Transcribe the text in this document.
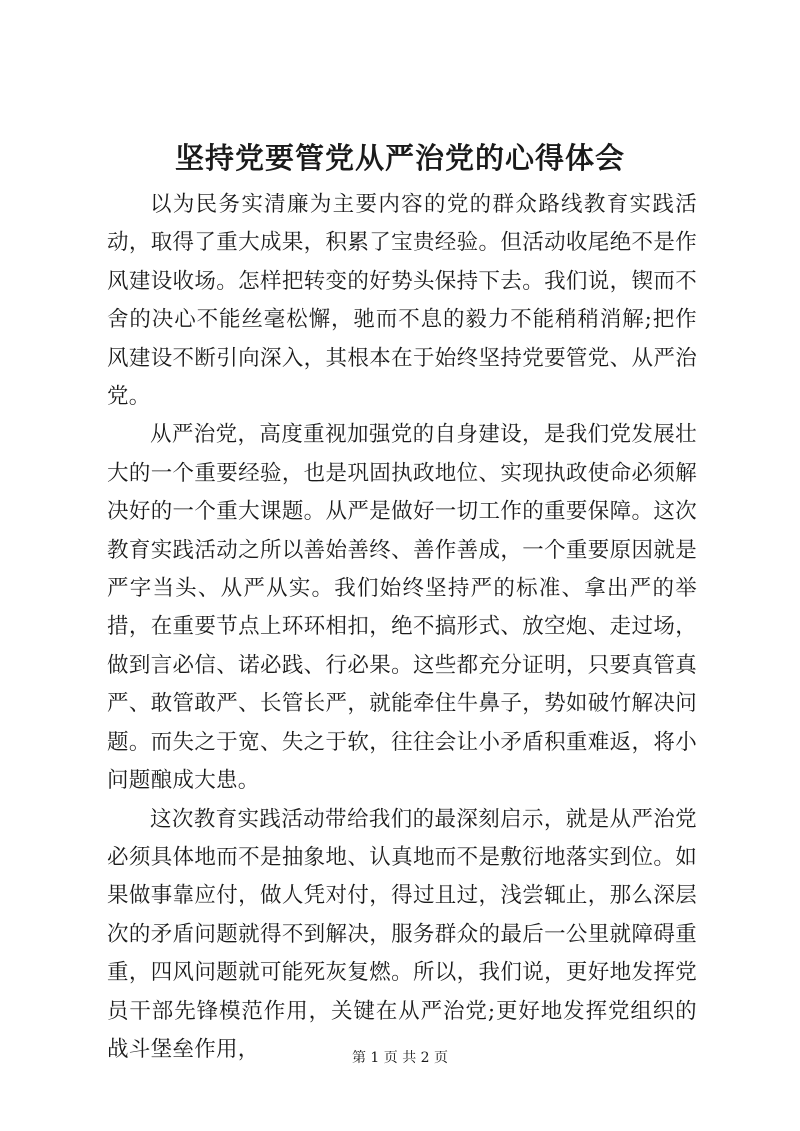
坚持党要管党从严治党的心得体会

以为民务实清廉为主要内容的党的群众路线教育实践活动，取得了重大成果，积累了宝贵经验。但活动收尾绝不是作风建设收场。怎样把转变的好势头保持下去。我们说，锲而不舍的决心不能丝毫松懈，驰而不息的毅力不能稍稍消解;把作风建设不断引向深入，其根本在于始终坚持党要管党、从严治党。

从严治党，高度重视加强党的自身建设，是我们党发展壮大的一个重要经验，也是巩固执政地位、实现执政使命必须解决好的一个重大课题。从严是做好一切工作的重要保障。这次教育实践活动之所以善始善终、善作善成，一个重要原因就是严字当头、从严从实。我们始终坚持严的标准、拿出严的举措，在重要节点上环环相扣，绝不搞形式、放空炮、走过场，做到言必信、诺必践、行必果。这些都充分证明，只要真管真严、敢管敢严、长管长严，就能牵住牛鼻子，势如破竹解决问题。而失之于宽、失之于软，往往会让小矛盾积重难返，将小问题酿成大患。

这次教育实践活动带给我们的最深刻启示，就是从严治党必须具体地而不是抽象地、认真地而不是敷衍地落实到位。如果做事靠应付，做人凭对付，得过且过，浅尝辄止，那么深层次的矛盾问题就得不到解决，服务群众的最后一公里就障碍重重，四风问题就可能死灰复燃。所以，我们说，更好地发挥党员干部先锋模范作用，关键在从严治党;更好地发挥党组织的战斗堡垒作用，	第 1 页 共 2 页
